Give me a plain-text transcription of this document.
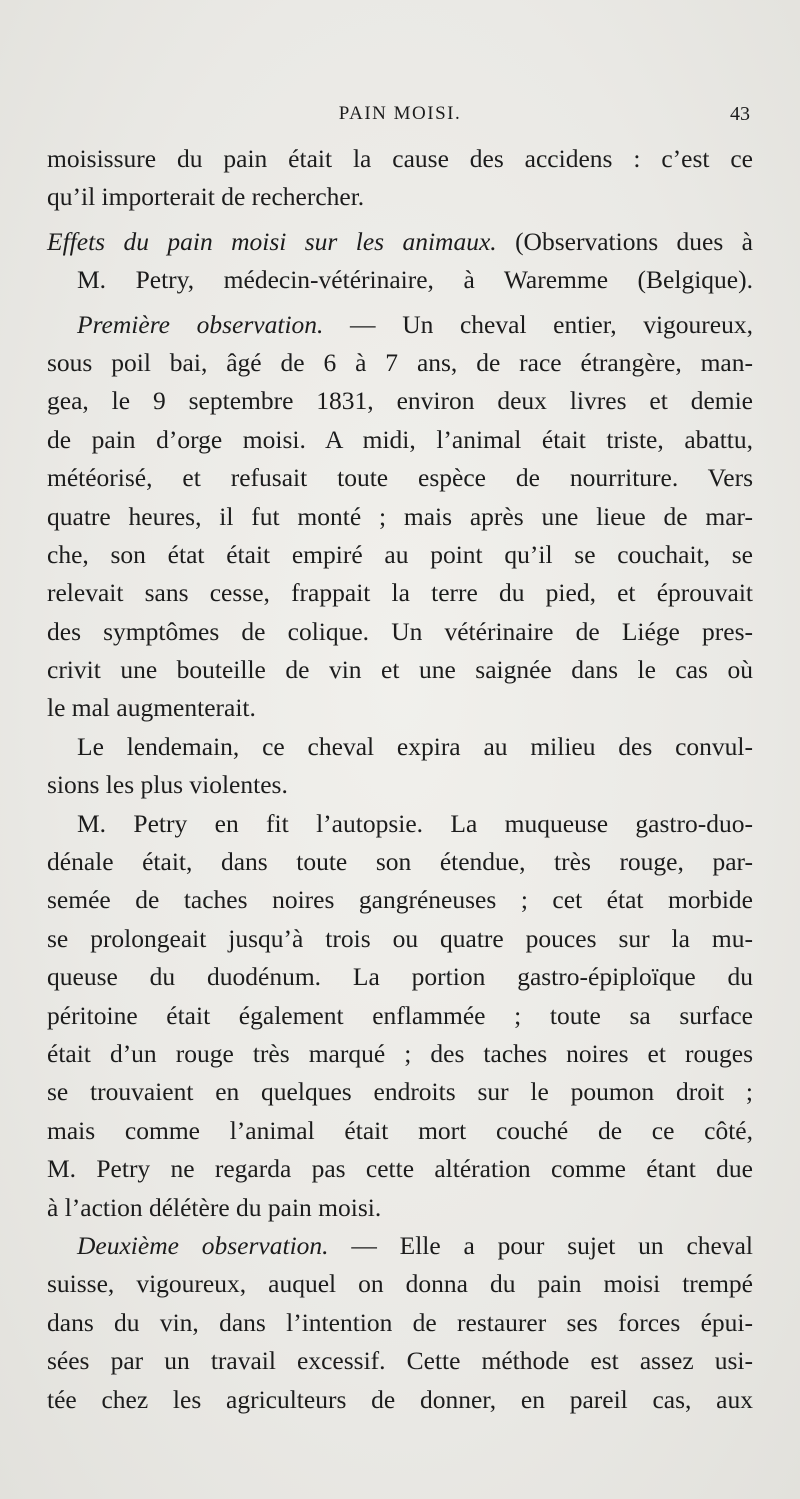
PAIN MOISI.	43
moisissure du pain était la cause des accidens : c’est ce
qu’il importerait de rechercher.
Effets du pain moisi sur les animaux. (Observations dues à
M. Petry, médecin-vétérinaire, à Waremme (Belgique).
Première observation. — Un cheval entier, vigoureux,
sous poil bai, âgé de 6 à 7 ans, de race étrangère, man-
gea, le 9 septembre 1831, environ deux livres et demie
de pain d’orge moisi. A midi, l’animal était triste, abattu,
météorisé, et refusait toute espèce de nourriture. Vers
quatre heures, il fut monté ; mais après une lieue de mar-
che, son état était empiré au point qu’il se couchait, se
relevait sans cesse, frappait la terre du pied, et éprouvait
des symptômes de colique. Un vétérinaire de Liége pres-
crivit une bouteille de vin et une saignée dans le cas où
le mal augmenterait.
Le lendemain, ce cheval expira au milieu des convul-
sions les plus violentes.
M. Petry en fit l’autopsie. La muqueuse gastro-duo-
dénale était, dans toute son étendue, très rouge, par-
semée de taches noires gangréneuses ; cet état morbide
se prolongeait jusqu’à trois ou quatre pouces sur la mu-
queuse du duodénum. La portion gastro-épiploïque du
péritoine était également enflammée ; toute sa surface
était d’un rouge très marqué ; des taches noires et rouges
se trouvaient en quelques endroits sur le poumon droit ;
mais comme l’animal était mort couché de ce côté,
M. Petry ne regarda pas cette altération comme étant due
à l’action délétère du pain moisi.
Deuxième observation. — Elle a pour sujet un cheval
suisse, vigoureux, auquel on donna du pain moisi trempé
dans du vin, dans l’intention de restaurer ses forces épui-
sées par un travail excessif. Cette méthode est assez usi-
tée chez les agriculteurs de donner, en pareil cas, aux
